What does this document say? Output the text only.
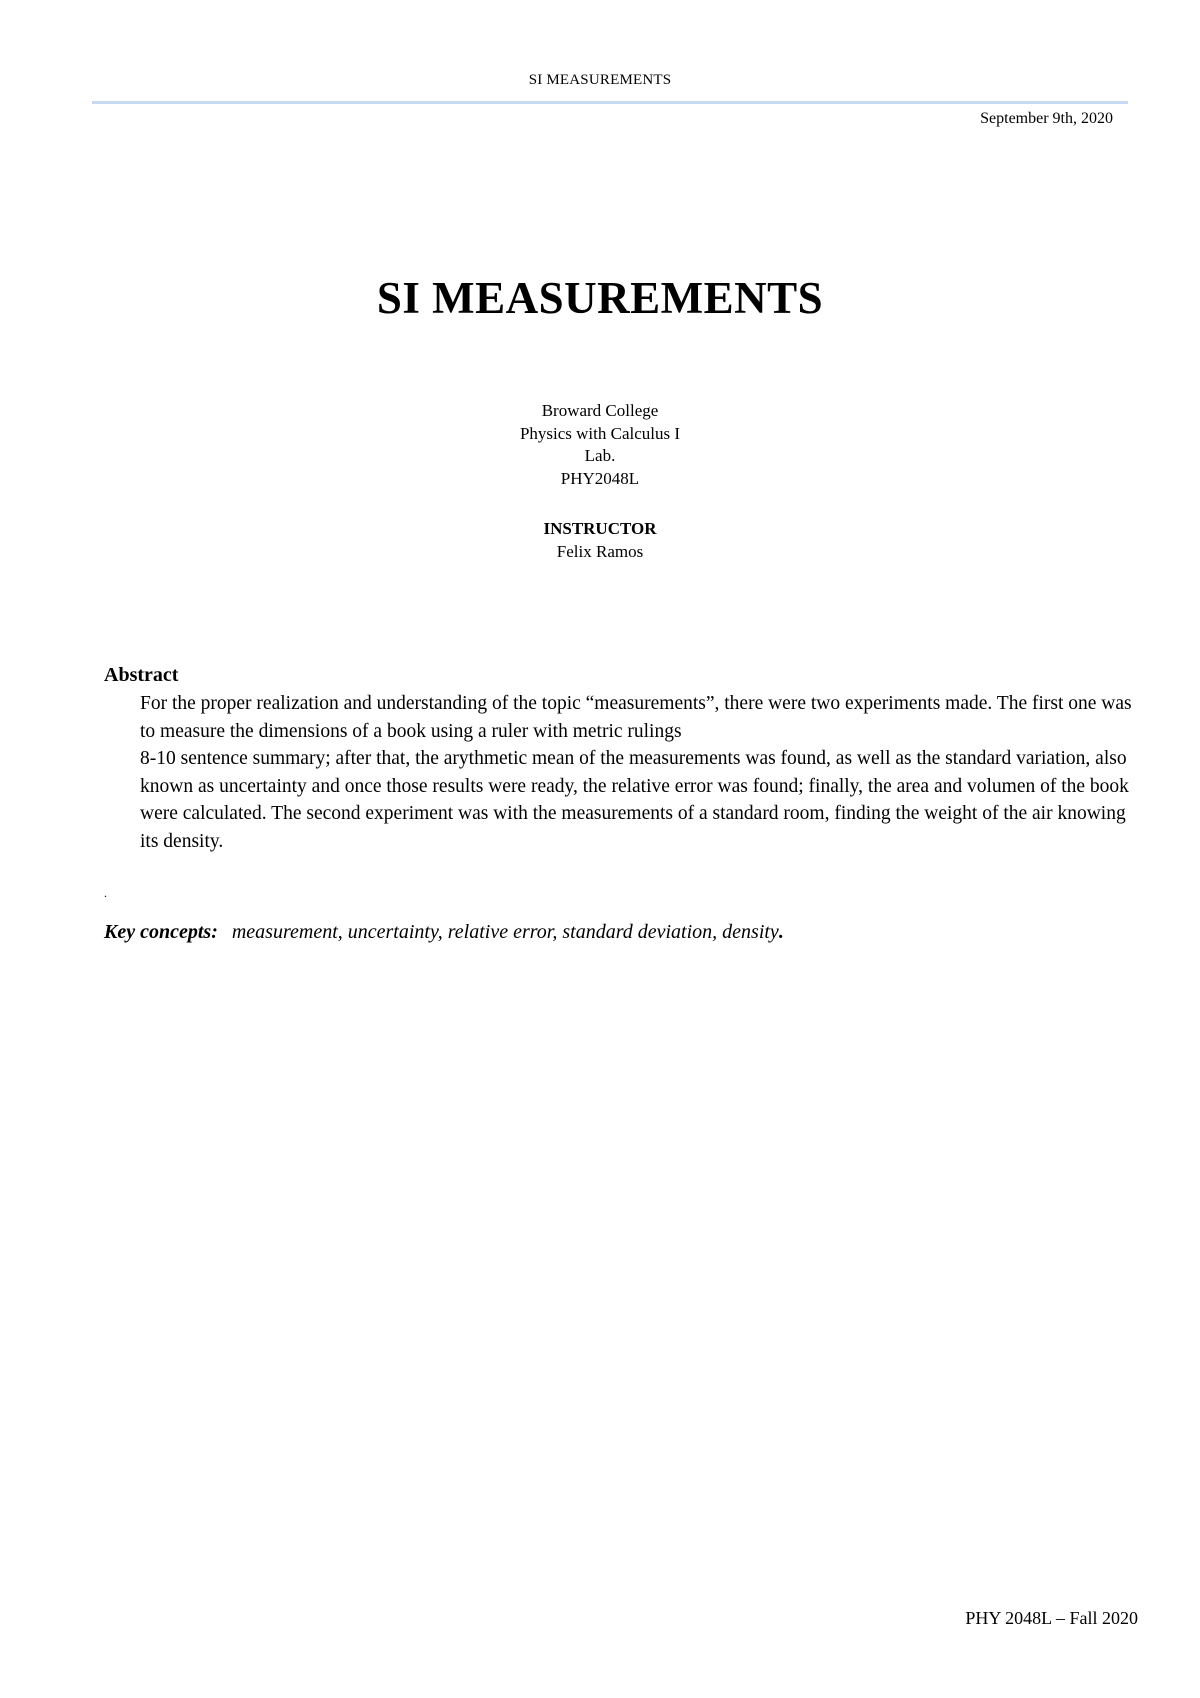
SI MEASUREMENTS
September 9th, 2020
SI MEASUREMENTS
Broward College
Physics with Calculus I
Lab.
PHY2048L
INSTRUCTOR
Felix Ramos
Abstract

For the proper realization and understanding of the topic “measurements”, there were two experiments made. The first one was to measure the dimensions of a book using a ruler with metric rulings

8-10 sentence summary; after that, the arythmetic mean of the measurements was found, as well as the standard variation, also known as uncertainty and once those results were ready, the relative error was found; finally, the area and volumen of the book were calculated. The second experiment was with the measurements of a standard room, finding the weight of the air knowing its density.

.
Key concepts: measurement, uncertainty, relative error, standard deviation, density.
PHY 2048L – Fall 2020
